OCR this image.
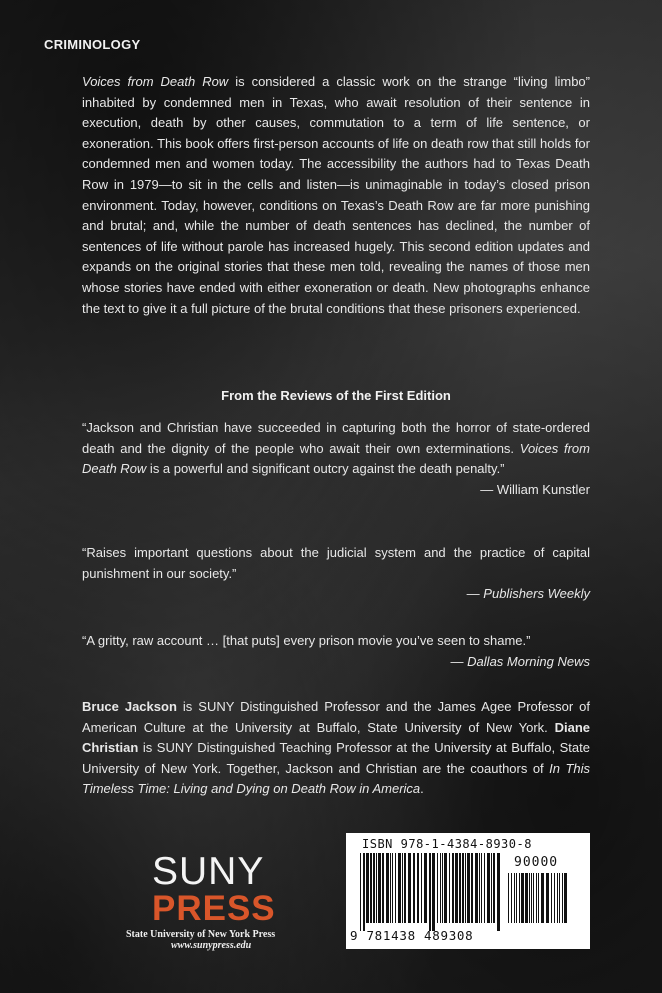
CRIMINOLOGY
Voices from Death Row is considered a classic work on the strange “living limbo” inhabited by condemned men in Texas, who await resolution of their sentence in execution, death by other causes, commutation to a term of life sentence, or exoneration. This book offers first-person accounts of life on death row that still holds for condemned men and women today. The accessibility the authors had to Texas Death Row in 1979—to sit in the cells and listen—is unimaginable in today’s closed prison environment. Today, however, conditions on Texas’s Death Row are far more punishing and brutal; and, while the number of death sentences has declined, the number of sentences of life without parole has increased hugely. This second edition updates and expands on the original stories that these men told, revealing the names of those men whose stories have ended with either exoneration or death. New photographs enhance the text to give it a full picture of the brutal conditions that these prisoners experienced.
From the Reviews of the First Edition
“Jackson and Christian have succeeded in capturing both the horror of state-ordered death and the dignity of the people who await their own exterminations. Voices from Death Row is a powerful and significant outcry against the death penalty.”
— William Kunstler
“Raises important questions about the judicial system and the practice of capital punishment in our society.”
— Publishers Weekly
“A gritty, raw account … [that puts] every prison movie you’ve seen to shame.”
— Dallas Morning News
Bruce Jackson is SUNY Distinguished Professor and the James Agee Professor of American Culture at the University at Buffalo, State University of New York. Diane Christian is SUNY Distinguished Teaching Professor at the University at Buffalo, State University of New York. Together, Jackson and Christian are the coauthors of In This Timeless Time: Living and Dying on Death Row in America.
SUNY
PRESS
State University of New York Press
www.sunypress.edu
ISBN 978-1-4384-8930-8
90000
9 781438 489308
